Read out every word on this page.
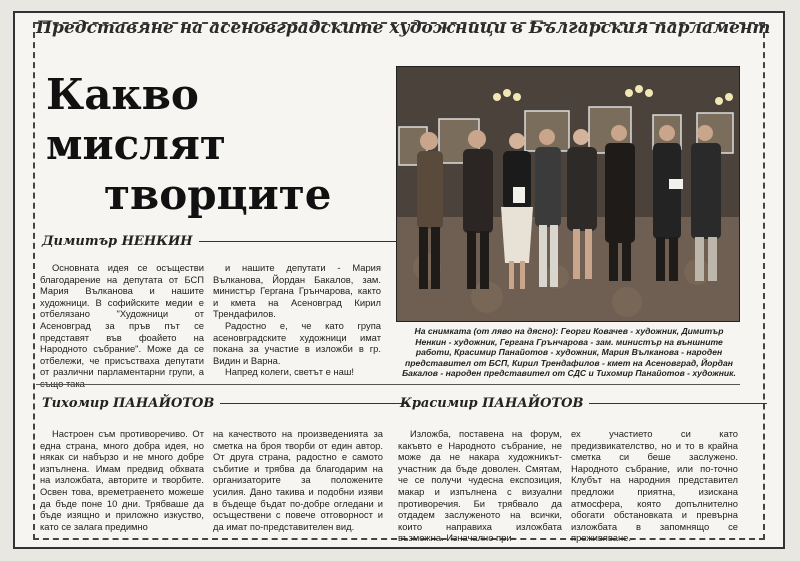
Представяне на асеновградските художници в Българския парламент
Какво мислят
творците
Димитър НЕНКИН

Основната идея се осъществи благодарение на депутата от БСП Мария Вълканова и нашите художници. В софийските медии е отбелязано "Художници от Асеновград за пръв път се представят във фоайето на Народното събрание". Може да се отбележи, че присъстваха депутати от различни парламентарни групи, а

и нашите депутати - Мария Вълканова, Йордан Бакалов, зам. министър Гергана Грънчарова, както и кмета на Асеновград Кирил Трендафилов.

Радостно е, че като група асеновградските художници имат покана за участие в изложби в гр. Видин и Варна.

Напред колеги, светът е наш!

На снимката (от ляво на дясно): Георги Ковачев - художник, Димитър Ненкин - художник, Гергана Грънчарова - зам. министър на външните работи, Красимир Панайотов - художник, Мария Вълканова - народен представител от БСП, Кирил Трендафилов - кмет на Асеновград, Йордан Бакалов - народен представител от СДС и Тихомир Панайотов - художник.
Тихомир ПАНАЙОТОВ	Красимир ПАНАЙОТОВ

Настроен съм противоречиво. От една страна, много добра идея, но някак си набързо и не много добре изпълнена. Имам предвид обхвата на изложбата, авторите и творбите. Освен това, времетраенето можеше да бъде поне 10 дни. Трябваше да бъде изящно и приложно изкуство, като се залага предимно

на качеството на произведенията за сметка на броя творби от един автор. От друга страна, радостно е самото събитие и трябва да благодарим на организаторите за положените усилия. Дано такива и подобни изяви в бъдеще бъдат по-добре огледани и осъществени с повече отговорност и да имат по-представителен вид.

Изложба, поставена на форум, какъвто е Народното събрание, не може да не накара художникът-участник да бъде доволен. Смятам, че се получи чудесна експозиция, макар и изпълнена с визуални противоречия. Би трябвало да отдадем заслуженото на всички, които направиха изложбата възможна. Изначално при-

ех участието си като предизвикателство, но и то в крайна сметка си беше заслужено. Народното събрание, или по-точно Клубът на народния представител предложи приятна, изискана атмосфера, която допълнително обогати обстановката и превърна изложбата в запомнящо се преживяване.
